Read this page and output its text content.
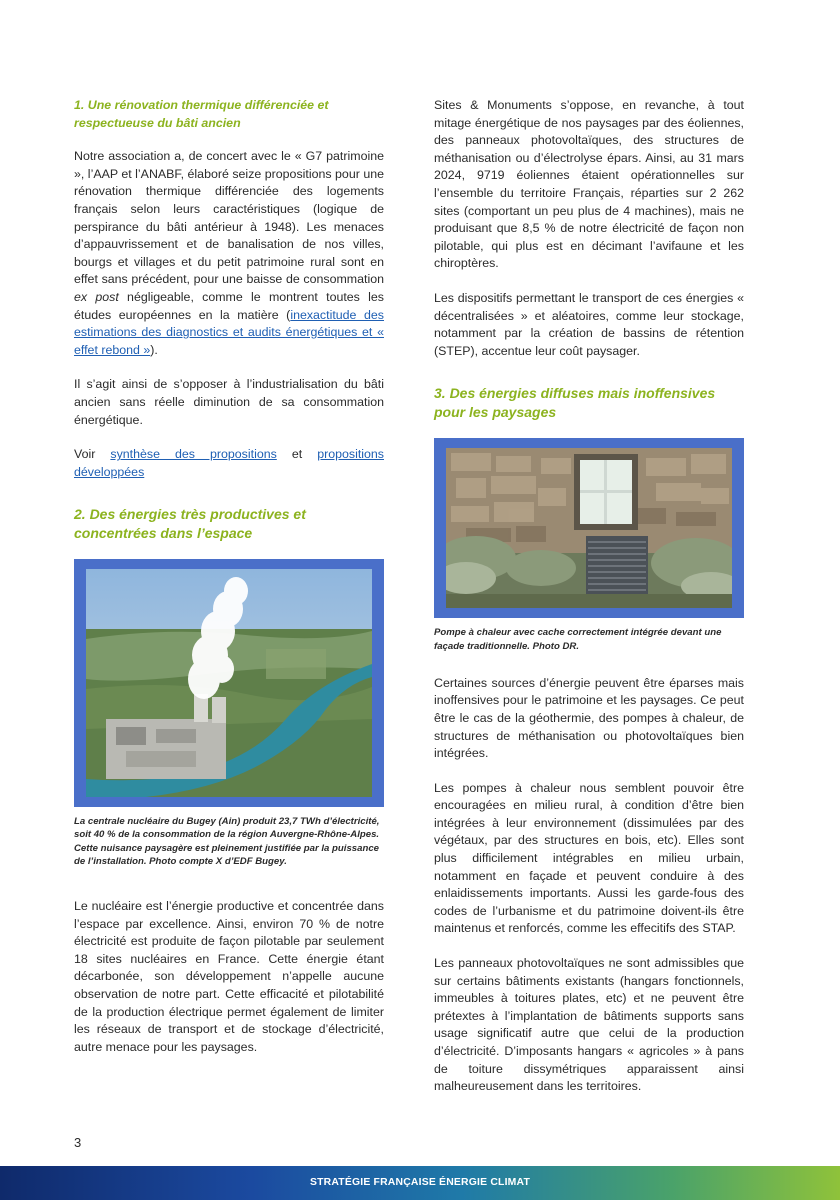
1. Une rénovation thermique différenciée et respectueuse du bâti ancien

Notre association a, de concert avec le « G7 patrimoine », l’AAP et l’ANABF, élaboré seize propositions pour une rénovation thermique différenciée des logements français selon leurs caractéristiques (logique de perspirance du bâti antérieur à 1948). Les menaces d’appauvrissement et de banalisation de nos villes, bourgs et villages et du petit patrimoine rural sont en effet sans précédent, pour une baisse de consommation ex post négligeable, comme le montrent toutes les études européennes en la matière (inexactitude des estimations des diagnostics et audits énergétiques et « effet rebond »).

Il s’agit ainsi de s’opposer à l’industrialisation du bâti ancien sans réelle diminution de sa consommation énergétique.

Voir synthèse des propositions et propositions développées

2. Des énergies très productives et concentrées dans l’espace
La centrale nucléaire du Bugey (Ain) produit 23,7 TWh d’électricité, soit 40 % de la consommation de la région Auvergne-Rhône-Alpes. Cette nuisance paysagère est pleinement justifiée par la puissance de l’installation. Photo compte X d’EDF Bugey.

Le nucléaire est l’énergie productive et concentrée dans l’espace par excellence. Ainsi, environ 70 % de notre électricité est produite de façon pilotable par seulement 18 sites nucléaires en France. Cette énergie étant décarbonée, son développement n’appelle aucune observation de notre part. Cette efficacité et pilotabilité de la production électrique permet également de limiter les réseaux de transport et de stockage d’électricité, autre menace pour les paysages.

Sites & Monuments s’oppose, en revanche, à tout mitage énergétique de nos paysages par des éoliennes, des panneaux photovoltaïques, des structures de méthanisation ou d’électrolyse épars. Ainsi, au 31 mars 2024, 9719 éoliennes étaient opérationnelles sur l’ensemble du territoire Français, réparties sur 2 262 sites (comportant un peu plus de 4 machines), mais ne produisant que 8,5 % de notre électricité de façon non pilotable, qui plus est en décimant l’avifaune et les chiroptères.

Les dispositifs permettant le transport de ces énergies « décentralisées » et aléatoires, comme leur stockage, notamment par la création de bassins de rétention (STEP), accentue leur coût paysager.

3. Des énergies diffuses mais inoffensives pour les paysages
Pompe à chaleur avec cache correctement intégrée devant une façade traditionnelle. Photo DR.

Certaines sources d’énergie peuvent être éparses mais inoffensives pour le patrimoine et les paysages. Ce peut être le cas de la géothermie, des pompes à chaleur, de structures de méthanisation ou photovoltaïques bien intégrées.

Les pompes à chaleur nous semblent pouvoir être encouragées en milieu rural, à condition d’être bien intégrées à leur environnement (dissimulées par des végétaux, par des structures en bois, etc). Elles sont plus difficilement intégrables en milieu urbain, notamment en façade et peuvent conduire à des enlaidissements importants. Aussi les garde-fous des codes de l’urbanisme et du patrimoine doivent-ils être maintenus et renforcés, comme les effecitifs des STAP.

Les panneaux photovoltaïques ne sont admissibles que sur certains bâtiments existants (hangars fonctionnels, immeubles à toitures plates, etc) et ne peuvent être prétextes à l’implantation de bâtiments supports sans usage significatif autre que celui de la production d’électricité. D’imposants hangars « agricoles » à pans de toiture dissymétriques apparaissent ainsi malheureusement dans les territoires.

3
STRATÉGIE FRANÇAISE ÉNERGIE CLIMAT
